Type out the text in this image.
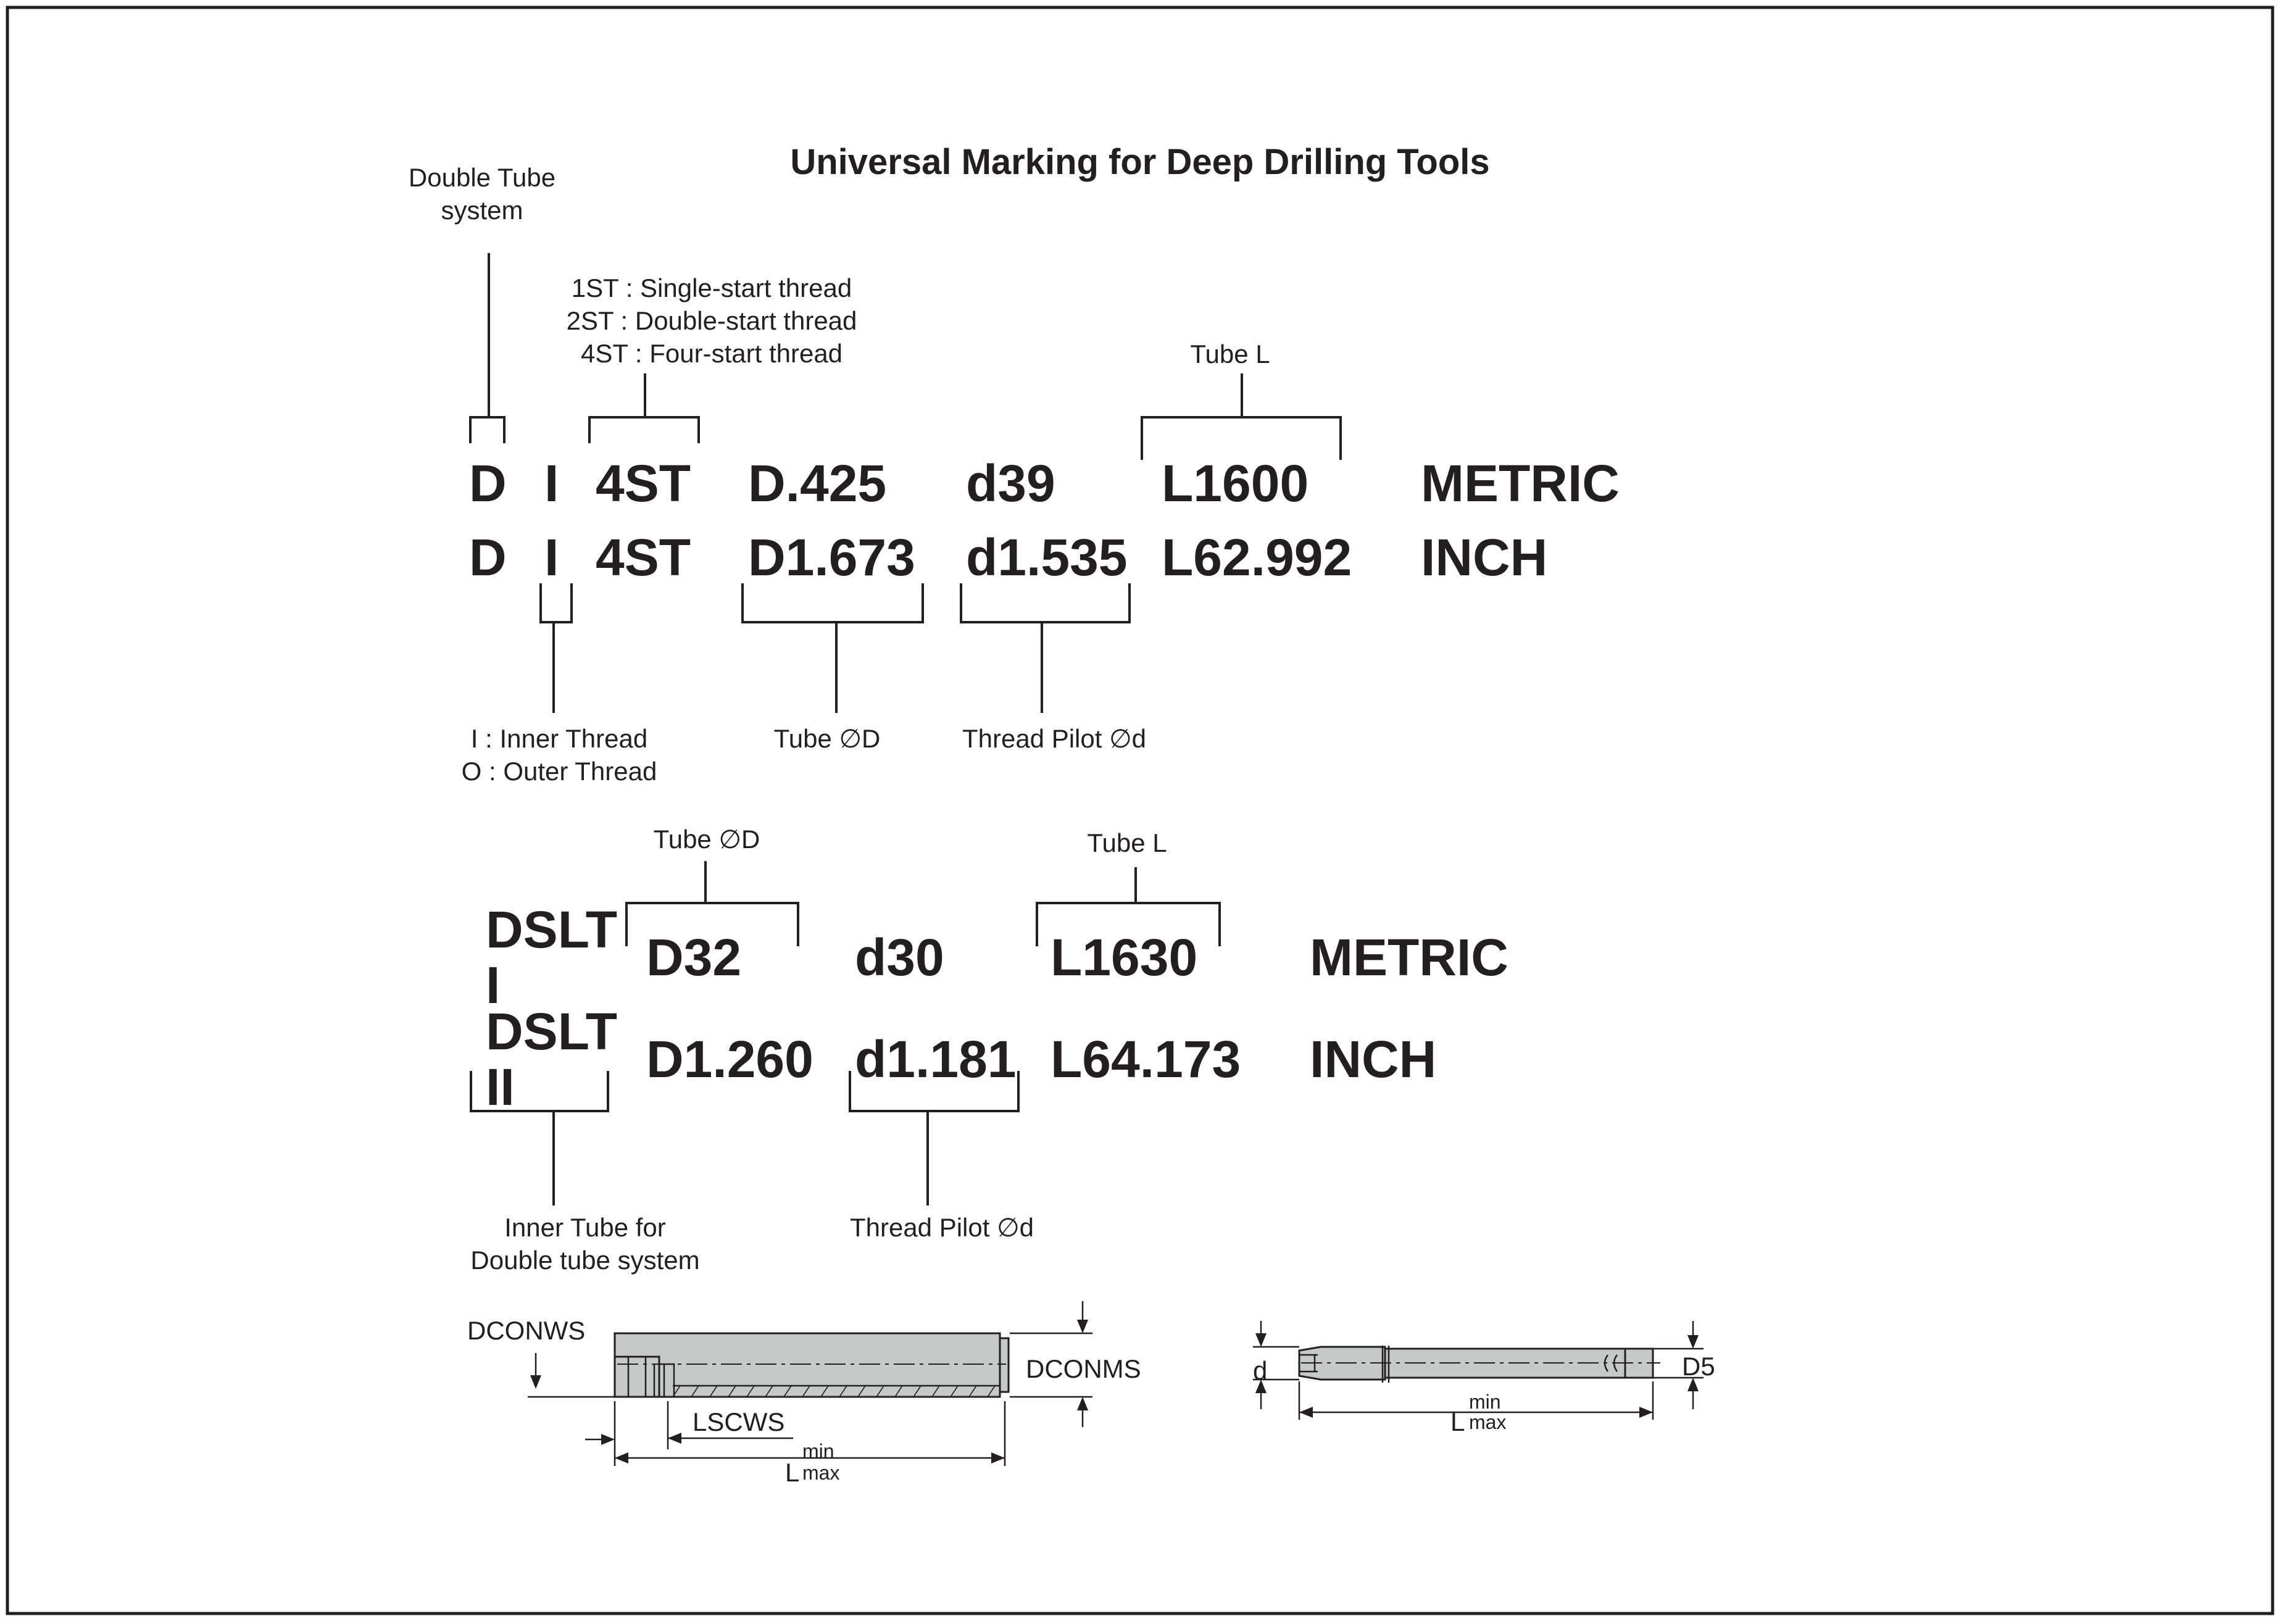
Universal Marking for Deep Drilling Tools
Double Tube
system
1ST : Single-start thread
2ST : Double-start thread
4ST : Four-start thread	Tube L
D I 4ST D.425 d39 L1600 METRIC
D I 4ST D1.673 d1.535 L62.992 INCH
I : Inner Thread
O : Outer Thread
Tube ∅D	Thread Pilot ∅d
Tube ∅D	Tube L
DSLT
I	D32 d30 L1630 METRIC
DSLT
II	D1.260 d1.181 L64.173 INCH
Inner Tube for
Double tube system
Thread Pilot ∅d
DCONWS
DCONMS
LSCWS
L
min
max
d	D5
L
min
max
